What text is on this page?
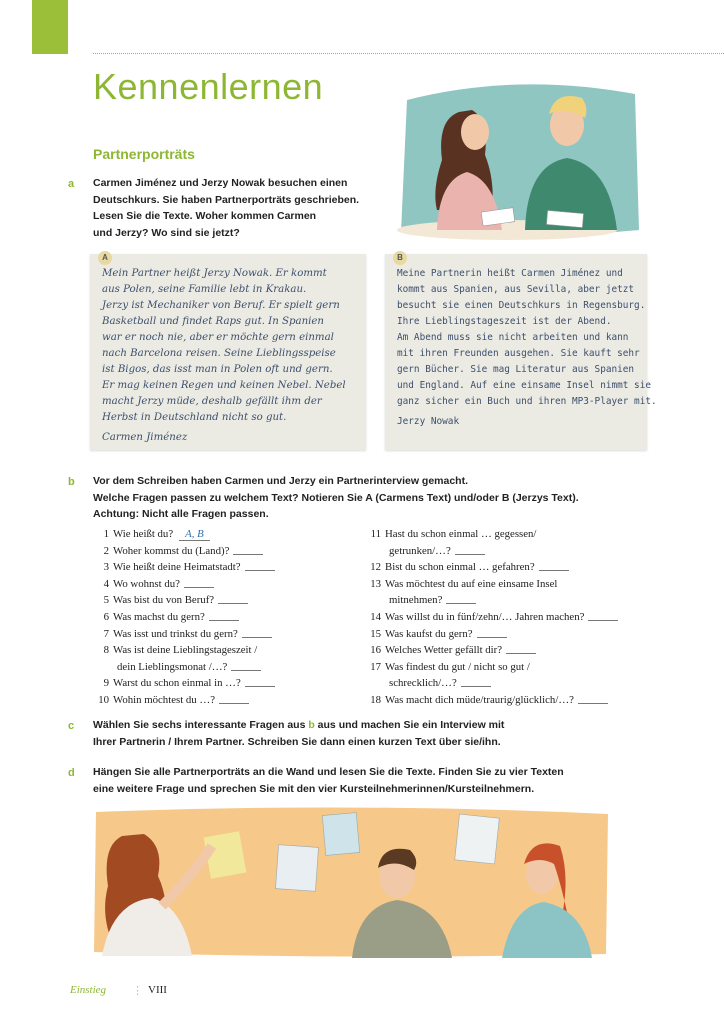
Kennenlernen
Partnerporträts
a Carmen Jiménez und Jerzy Nowak besuchen einen
Deutschkurs. Sie haben Partnerporträts geschrieben.
Lesen Sie die Texte. Woher kommen Carmen
und Jerzy? Wo sind sie jetzt?
A
Mein Partner heißt Jerzy Nowak. Er kommt
aus Polen, seine Familie lebt in Krakau.
Jerzy ist Mechaniker von Beruf. Er spielt gern
Basketball und findet Raps gut. In Spanien
war er noch nie, aber er möchte gern einmal
nach Barcelona reisen. Seine Lieblingsspeise
ist Bigos, das isst man in Polen oft und gern.
Er mag keinen Regen und keinen Nebel. Nebel
macht Jerzy müde, deshalb gefällt ihm der
Herbst in Deutschland nicht so gut.
Carmen Jiménez
B
Meine Partnerin heißt Carmen Jiménez und
kommt aus Spanien, aus Sevilla, aber jetzt
besucht sie einen Deutschkurs in Regensburg.
Ihre Lieblingstageszeit ist der Abend.
Am Abend muss sie nicht arbeiten und kann
mit ihren Freunden ausgehen. Sie kauft sehr
gern Bücher. Sie mag Literatur aus Spanien
und England. Auf eine einsame Insel nimmt sie
ganz sicher ein Buch und ihren MP3-Player mit.
Jerzy Nowak
b Vor dem Schreiben haben Carmen und Jerzy ein Partnerinterview gemacht.
Welche Fragen passen zu welchem Text? Notieren Sie A (Carmens Text) und/oder B (Jerzys Text).
Achtung: Nicht alle Fragen passen.
1 Wie heißt du? A, B
2 Woher kommst du (Land)?
3 Wie heißt deine Heimatstadt?
4 Wo wohnst du?
5 Was bist du von Beruf?
6 Was machst du gern?
7 Was isst und trinkst du gern?
8 Was ist deine Lieblingstageszeit /
dein Lieblingsmonat /…?
9 Warst du schon einmal in …?
10 Wohin möchtest du …?
11 Hast du schon einmal … gegessen/
getrunken/…?
12 Bist du schon einmal … gefahren?
13 Was möchtest du auf eine einsame Insel
mitnehmen?
14 Was willst du in fünf/zehn/… Jahren machen?
15 Was kaufst du gern?
16 Welches Wetter gefällt dir?
17 Was findest du gut / nicht so gut /
schrecklich/…?
18 Was macht dich müde/traurig/glücklich/…?
c Wählen Sie sechs interessante Fragen aus b aus und machen Sie ein Interview mit
Ihrer Partnerin / Ihrem Partner. Schreiben Sie dann einen kurzen Text über sie/ihn.
d Hängen Sie alle Partnerporträts an die Wand und lesen Sie die Texte. Finden Sie zu vier Texten
eine weitere Frage und sprechen Sie mit den vier Kursteilnehmerinnen/Kursteilnehmern.
Einstieg ⋮ VIII
